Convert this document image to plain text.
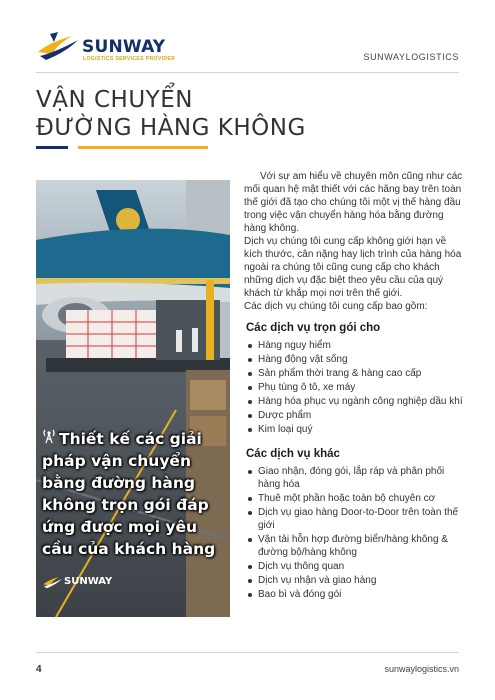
SUNWAY
LOGISTICS SERVICES PROVIDER	SUNWAYLOGISTICS
VẬN CHUYỂN
ĐƯỜNG HÀNG KHÔNG
Thiết kế các giải pháp vận chuyển bằng đường hàng không trọn gói đáp ứng được mọi yêu cầu của khách hàng
SUNWAY

Với sự am hiểu về chuyên môn cũng như các mối quan hệ mật thiết với các hãng bay trên toàn thế giới đã tạo cho chúng tôi một vị thế hàng đầu trong việc vận chuyển hàng hóa bằng đường hàng không.

Dịch vụ chúng tôi cung cấp không giới hạn về kích thước, cân nặng hay lịch trình của hàng hóa ngoài ra chúng tôi cũng cung cấp cho khách những dịch vụ đặc biệt theo yêu cầu của quý khách từ khắp mọi nơi trên thế giới.

Các dịch vụ chúng tôi cung cấp bao gồm:

Các dịch vụ trọn gói cho
Hàng nguy hiểm
Hàng động vật sống
Sản phẩm thời trang & hàng cao cấp
Phụ tùng ô tô, xe máy
Hàng hóa phục vụ ngành công nghiệp dầu khí
Dược phẩm
Kim loại quý
Các dịch vụ khác
Giao nhận, đóng gói, lắp ráp và phân phối hàng hóa
Thuê một phần hoặc toàn bộ chuyên cơ
Dịch vụ giao hàng Door-to-Door trên toàn thế giới
Vận tải hỗn hợp đường biển/hàng không & đường bộ/hàng không
Dịch vụ thông quan
Dịch vụ nhận và giao hàng
Bao bì và đóng gói
4	sunwaylogistics.vn
